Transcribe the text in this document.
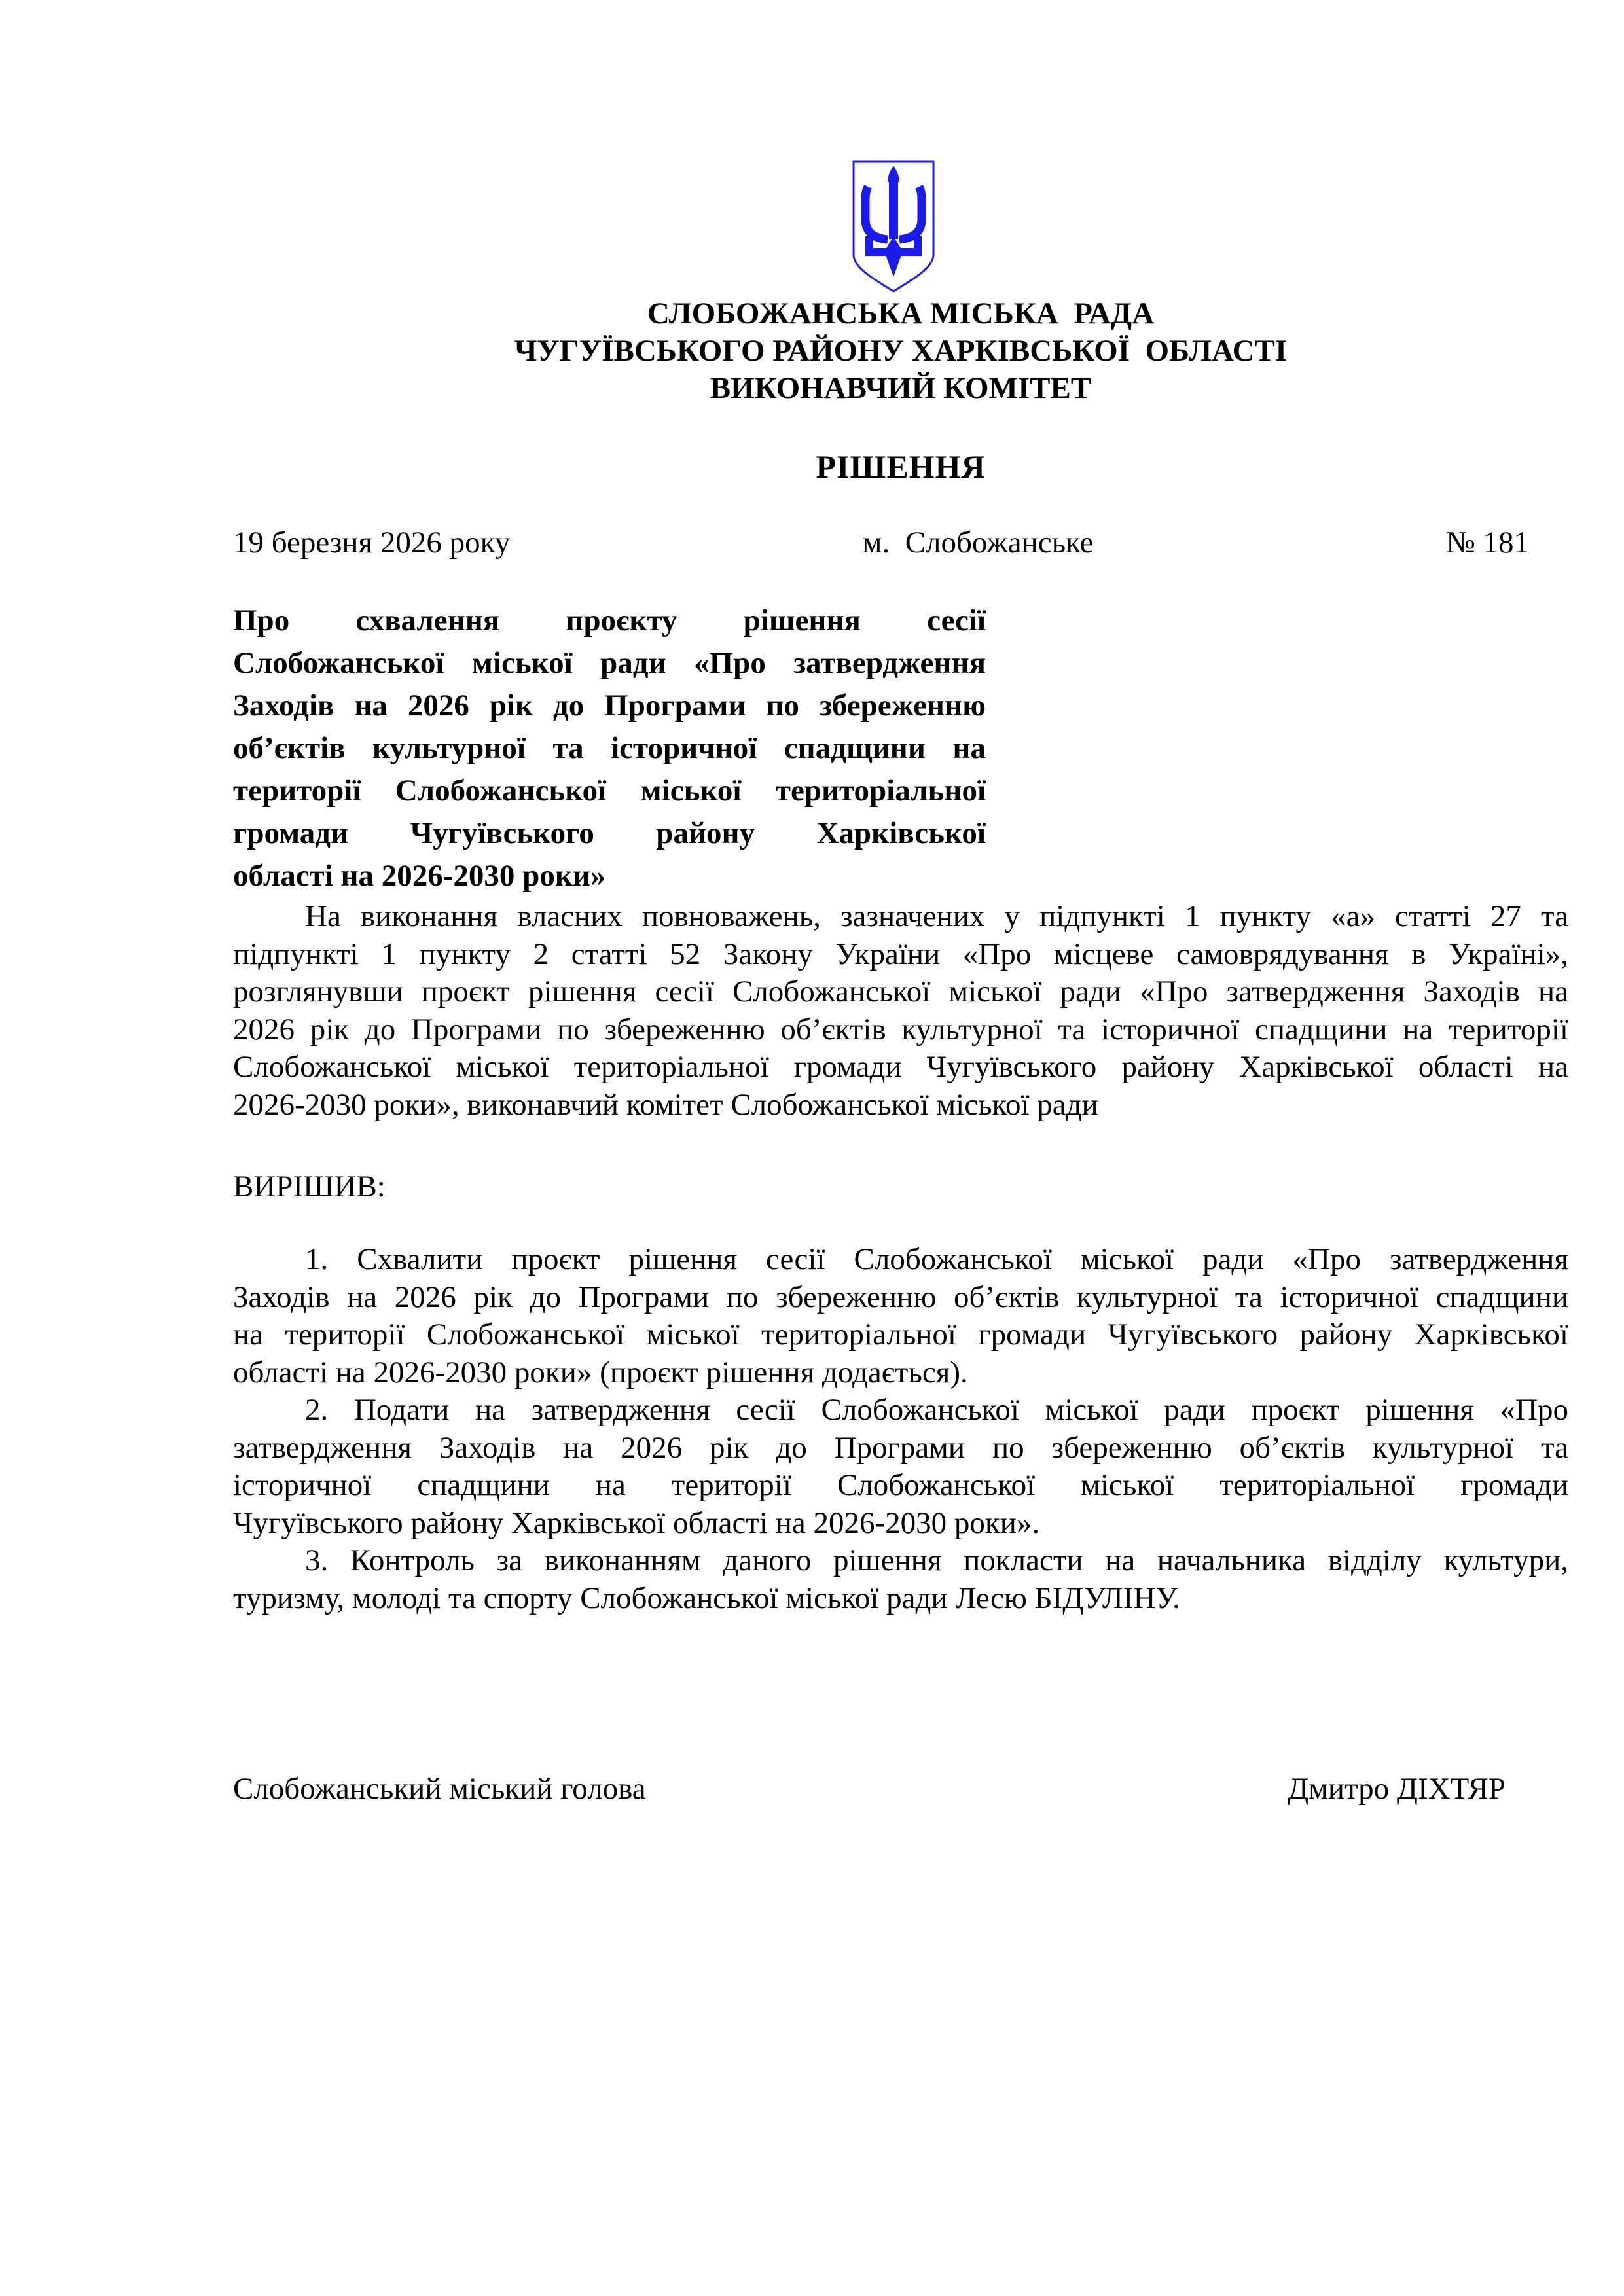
СЛОБОЖАНСЬКА МІСЬКА  РАДА
ЧУГУЇВСЬКОГО РАЙОНУ ХАРКІВСЬКОЇ  ОБЛАСТІ
ВИКОНАВЧИЙ КОМІТЕТ
РІШЕННЯ
19 березня 2026 року	м.  Слобожанське	№ 181
Про схвалення проєкту рішення сесії
Слобожанської міської ради «Про затвердження
Заходів на 2026 рік до Програми по збереженню
об’єктів культурної та історичної спадщини на
території Слобожанської міської територіальної
громади Чугуївського району Харківської
області на 2026-2030 роки»
На виконання власних повноважень, зазначених у підпункті 1 пункту «а» статті 27 та
підпункті 1 пункту 2 статті 52 Закону України «Про місцеве самоврядування в Україні»,
розглянувши проєкт рішення сесії Слобожанської міської ради «Про затвердження Заходів на
2026 рік до Програми по збереженню об’єктів культурної та історичної спадщини на території
Слобожанської міської територіальної громади Чугуївського району Харківської області на
2026-2030 роки», виконавчий комітет Слобожанської міської ради
ВИРІШИВ:
1. Схвалити проєкт рішення сесії Слобожанської міської ради «Про затвердження
Заходів на 2026 рік до Програми по збереженню об’єктів культурної та історичної спадщини
на території Слобожанської міської територіальної громади Чугуївського району Харківської
області на 2026-2030 роки» (проєкт рішення додається).
2. Подати на затвердження сесії Слобожанської міської ради проєкт рішення «Про
затвердження Заходів на 2026 рік до Програми по збереженню об’єктів культурної та
історичної спадщини на території Слобожанської міської територіальної громади
Чугуївського району Харківської області на 2026-2030 роки».
3. Контроль за виконанням даного рішення покласти на начальника відділу культури,
туризму, молоді та спорту Слобожанської міської ради Лесю БІДУЛІНУ.
Слобожанський міський голова	Дмитро ДІХТЯР
